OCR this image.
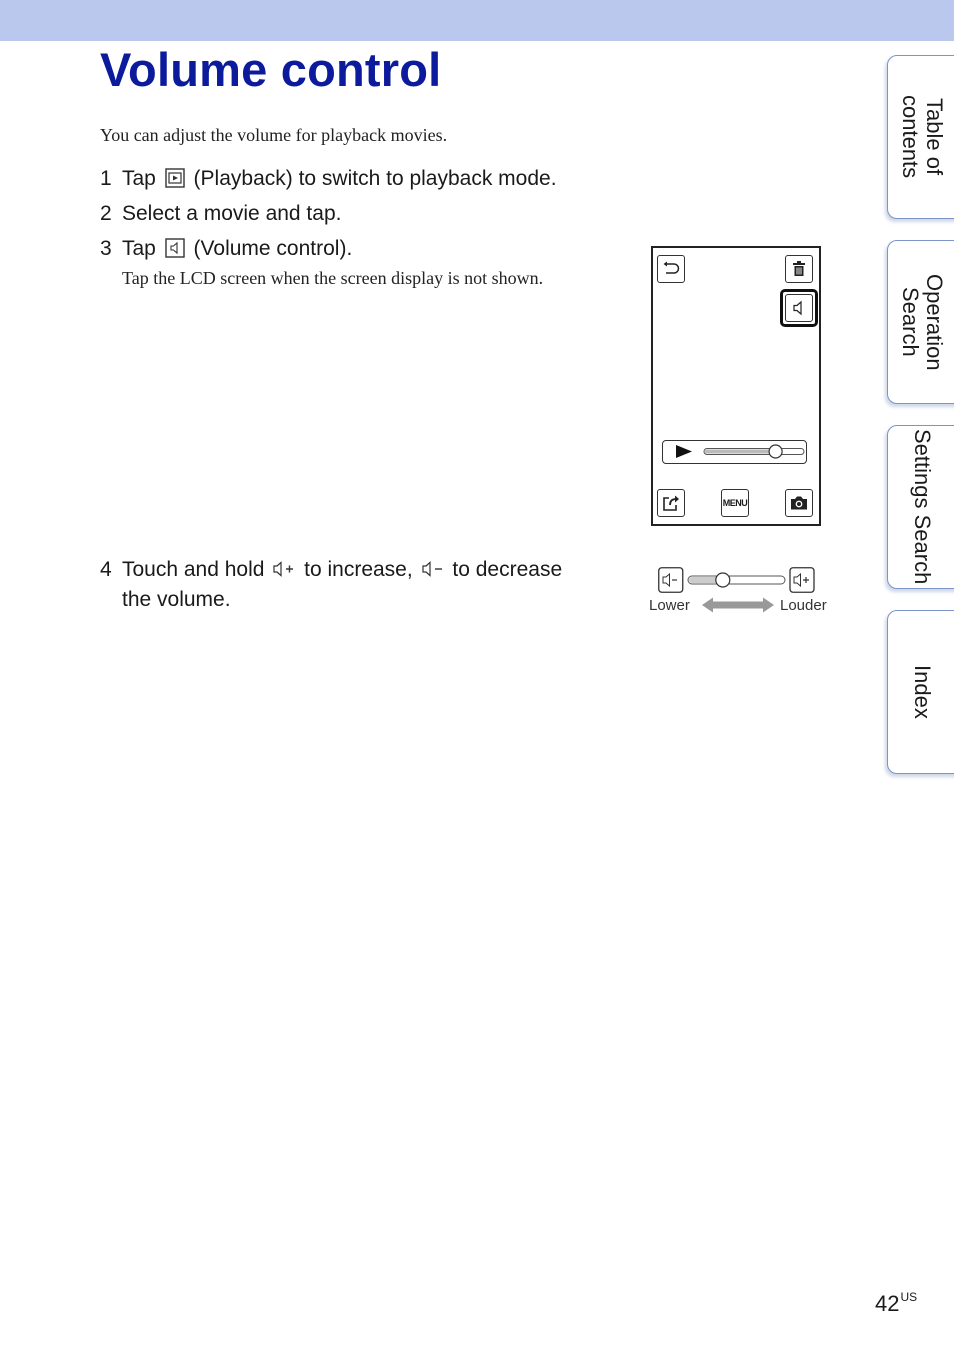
Volume control
You can adjust the volume for playback movies.
1 Tap (Playback) to switch to playback mode.
2 Select a movie and tap.
3 Tap (Volume control).
Tap the LCD screen when the screen display is not shown.
4 Touch and hold to increase, to decrease
the volume.
MENU
Lower	Louder
Table of contents
Operation Search
Settings Search
Index
$42^{US}$
